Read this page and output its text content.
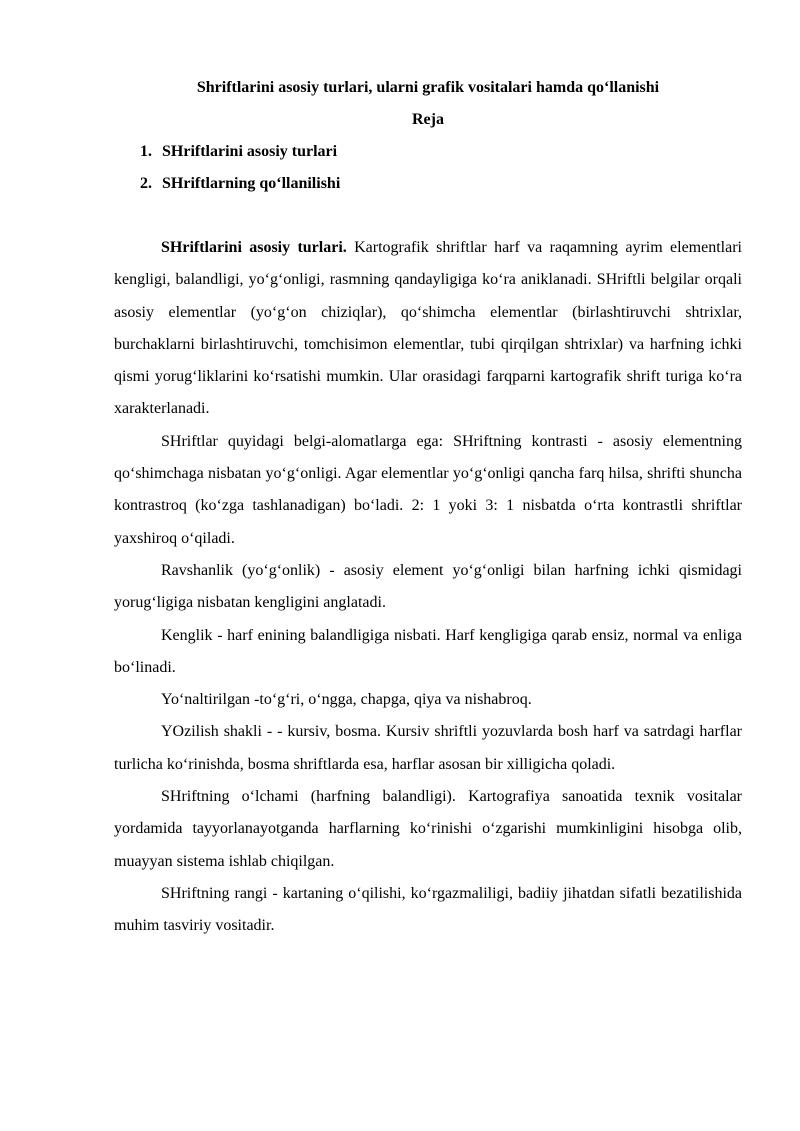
Shriftlarini asosiy turlari, ularni grafik vositalari hamda qo‘llanishi
Reja
1. SHriftlarini asosiy turlari
2. SHriftlarning qo‘llanilishi

SHriftlarini asosiy turlari. Kartografik shriftlar harf va raqamning ayrim elementlari kengligi, balandligi, yo‘g‘onligi, rasmning qandayligiga ko‘ra aniklanadi. SHriftli belgilar orqali asosiy elementlar (yo‘g‘on chiziqlar), qo‘shimcha elementlar (birlashtiruvchi shtrixlar, burchaklarni birlashtiruvchi, tomchisimon elementlar, tubi qirqilgan shtrixlar) va harfning ichki qismi yorug‘liklarini ko‘rsatishi mumkin. Ular orasidagi farqparni kartografik shrift turiga ko‘ra xarakterlanadi.

SHriftlar quyidagi belgi-alomatlarga ega: SHriftning kontrasti - asosiy elementning qo‘shimchaga nisbatan yo‘g‘onligi. Agar elementlar yo‘g‘onligi qancha farq hilsa, shrifti shuncha kontrastroq (ko‘zga tashlanadigan) bo‘ladi. 2: 1 yoki 3: 1 nisbatda o‘rta kontrastli shriftlar yaxshiroq o‘qiladi.

Ravshanlik (yo‘g‘onlik) - asosiy element yo‘g‘onligi bilan harfning ichki qismidagi yorug‘ligiga nisbatan kengligini anglatadi.

Kenglik - harf enining balandligiga nisbati. Harf kengligiga qarab ensiz, normal va enliga bo‘linadi.

Yo‘naltirilgan -to‘g‘ri, o‘ngga, chapga, qiya va nishabroq.

YOzilish shakli - - kursiv, bosma. Kursiv shriftli yozuvlarda bosh harf va satrdagi harflar turlicha ko‘rinishda, bosma shriftlarda esa, harflar asosan bir xilligicha qoladi.

SHriftning o‘lchami (harfning balandligi). Kartografiya sanoatida texnik vositalar yordamida tayyorlanayotganda harflarning ko‘rinishi o‘zgarishi mumkinligini hisobga olib, muayyan sistema ishlab chiqilgan.

SHriftning rangi - kartaning o‘qilishi, ko‘rgazmaliligi, badiiy jihatdan sifatli bezatilishida muhim tasviriy vositadir.
